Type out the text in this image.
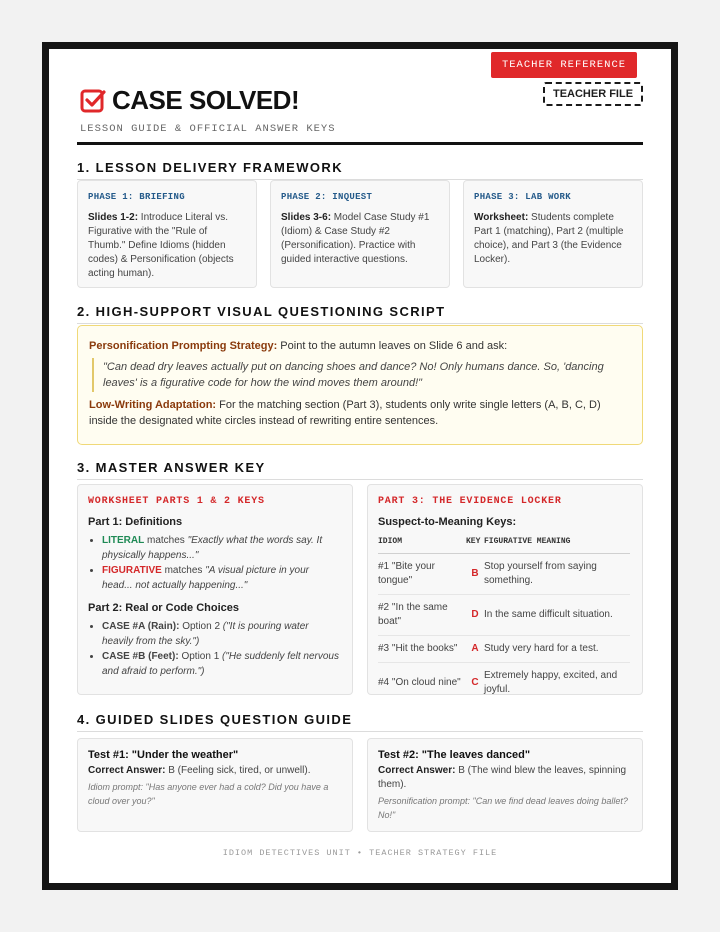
TEACHER REFERENCE
TEACHER FILE
CASE SOLVED!
LESSON GUIDE & OFFICIAL ANSWER KEYS
1. LESSON DELIVERY FRAMEWORK
PHASE 1: BRIEFING
Slides 1-2: Introduce Literal vs. Figurative with the "Rule of Thumb." Define Idioms (hidden codes) & Personification (objects acting human).
PHASE 2: INQUEST
Slides 3-6: Model Case Study #1 (Idiom) & Case Study #2 (Personification). Practice with guided interactive questions.
PHASE 3: LAB WORK
Worksheet: Students complete Part 1 (matching), Part 2 (multiple choice), and Part 3 (the Evidence Locker).
2. HIGH-SUPPORT VISUAL QUESTIONING SCRIPT
Personification Prompting Strategy: Point to the autumn leaves on Slide 6 and ask:
"Can dead dry leaves actually put on dancing shoes and dance? No! Only humans dance. So, 'dancing leaves' is a figurative code for how the wind moves them around!"
Low-Writing Adaptation: For the matching section (Part 3), students only write single letters (A, B, C, D) inside the designated white circles instead of rewriting entire sentences.
3. MASTER ANSWER KEY
WORKSHEET PARTS 1 & 2 KEYS
Part 1: Definitions
• LITERAL matches "Exactly what the words say. It physically happens..."
• FIGURATIVE matches "A visual picture in your head... not actually happening..."
Part 2: Real or Code Choices
• CASE #A (Rain): Option 2 ("It is pouring water heavily from the sky.")
• CASE #B (Feet): Option 1 ("He suddenly felt nervous and afraid to perform.")
PART 3: THE EVIDENCE LOCKER
Suspect-to-Meaning Keys:
IDIOM	KEY	FIGURATIVE MEANING
#1 "Bite your tongue"	B	Stop yourself from saying something.
#2 "In the same boat"	D	In the same difficult situation.
#3 "Hit the books"	A	Study very hard for a test.
#4 "On cloud nine"	C	Extremely happy, excited, and joyful.
4. GUIDED SLIDES QUESTION GUIDE
Test #1: "Under the weather"
Correct Answer: B (Feeling sick, tired, or unwell).
Idiom prompt: "Has anyone ever had a cold? Did you have a cloud over you?"
Test #2: "The leaves danced"
Correct Answer: B (The wind blew the leaves, spinning them).
Personification prompt: "Can we find dead leaves doing ballet? No!"
IDIOM DETECTIVES UNIT • TEACHER STRATEGY FILE
